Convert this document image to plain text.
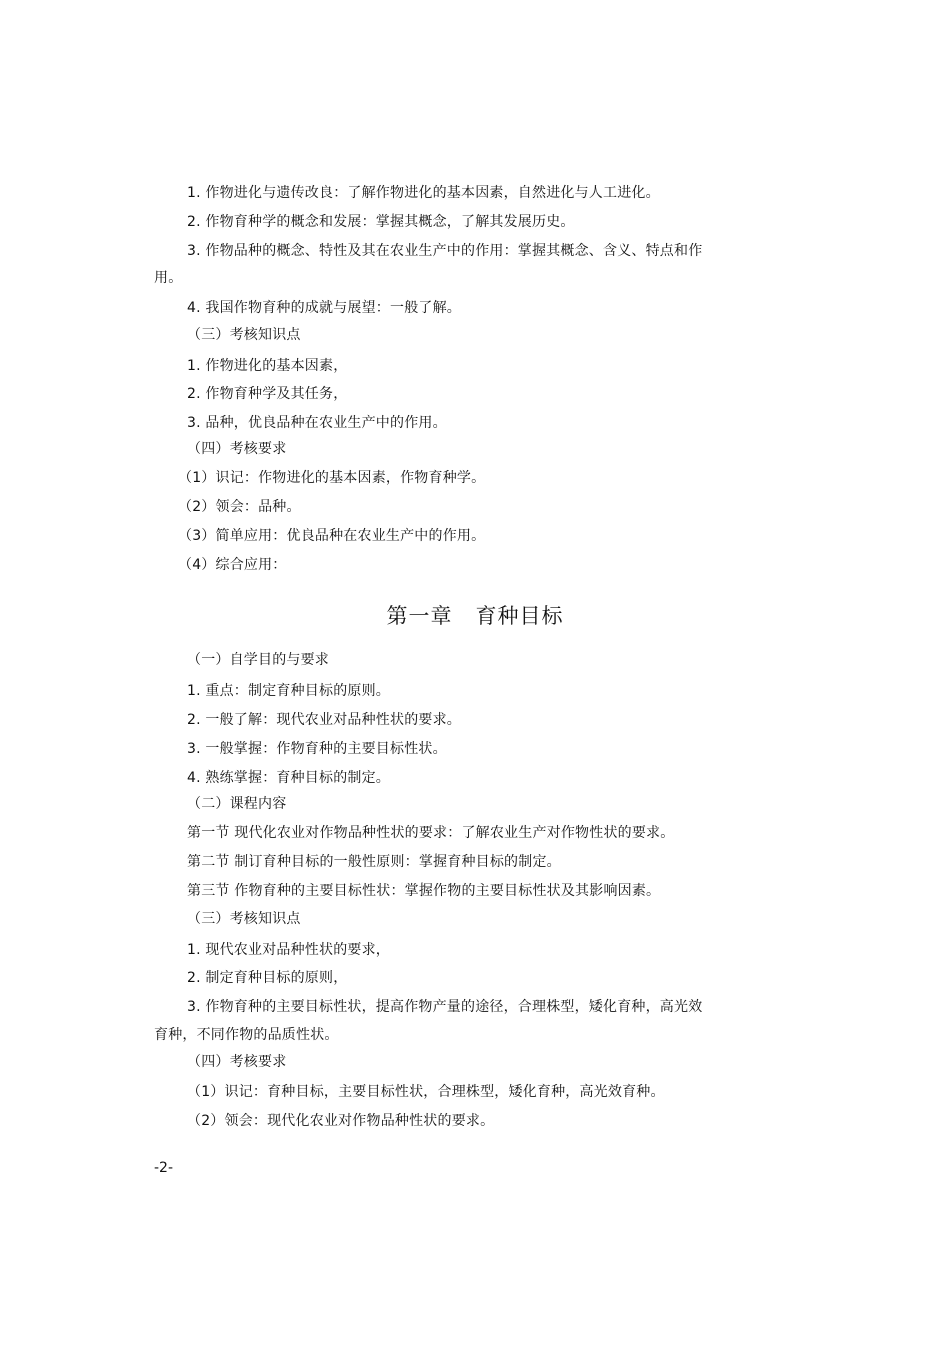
1. 作物进化与遗传改良：了解作物进化的基本因素，自然进化与人工进化。
2. 作物育种学的概念和发展：掌握其概念，了解其发展历史。
3. 作物品种的概念、特性及其在农业生产中的作用：掌握其概念、含义、特点和作
用。
4. 我国作物育种的成就与展望：一般了解。
（三）考核知识点
1. 作物进化的基本因素，
2. 作物育种学及其任务，
3. 品种，优良品种在农业生产中的作用。
（四）考核要求
（1）识记：作物进化的基本因素，作物育种学。
（2）领会：品种。
（3）简单应用：优良品种在农业生产中的作用。
（4）综合应用：
第一章   育种目标
（一）自学目的与要求
1. 重点：制定育种目标的原则。
2. 一般了解：现代农业对品种性状的要求。
3. 一般掌握：作物育种的主要目标性状。
4. 熟练掌握：育种目标的制定。
（二）课程内容
第一节 现代化农业对作物品种性状的要求：了解农业生产对作物性状的要求。
第二节 制订育种目标的一般性原则：掌握育种目标的制定。
第三节 作物育种的主要目标性状：掌握作物的主要目标性状及其影响因素。
（三）考核知识点
1. 现代农业对品种性状的要求，
2. 制定育种目标的原则，
3. 作物育种的主要目标性状，提高作物产量的途径，合理株型，矮化育种，高光效
育种，不同作物的品质性状。
（四）考核要求
（1）识记：育种目标，主要目标性状，合理株型，矮化育种，高光效育种。
（2）领会：现代化农业对作物品种性状的要求。
-2-
